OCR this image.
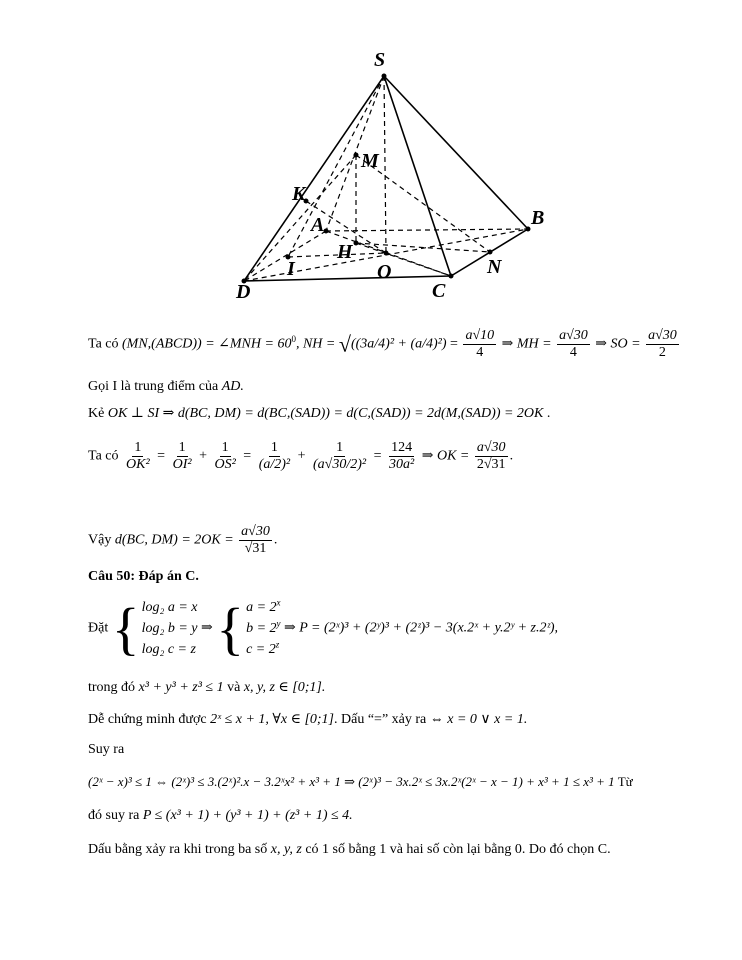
S
M
K
A	B
H
I	O	N
D	C
Ta có (MN,(ABCD)) = ∠MNH = $60^0$, NH = $√((3a/4)^2 + (a/4)^2) = \frac{a√10}{4}$ ⇒ MH = $\frac{a√30}{4}$ ⇒ SO = $\frac{a√30}{2}$
Gọi I là trung điểm của AD.
Kẻ OK ⊥ SI ⇒ d(BC, DM) = d(BC,(SAD)) = d(C,(SAD)) = 2d(M,(SAD)) = 2OK .
Ta có $\frac{1}{\text{OK²}} = \frac{1}{\text{OI²}} + \frac{1}{\text{OS²}} = \frac{1}{\text{(a/2)²}} + \frac{1}{\text{(a√30/2)²}} = \frac{124}{\text{30a²}}$ ⇒ OK = $\frac{a√30}{2√31}$ .
Vậy d(BC, $DM) = 2OK = \frac{a√30}{√31}$ .
Câu 50: Đáp án C.
Đặt { log₂ a = x
log₂ b = y
log₂ c = z
⇒ { $a = 2^x$
$b = 2^y$
$c = 2^z$
⇒ P = (2ˣ)³ + (2ʸ)³ + (2ᶻ)³ − 3(x.2ˣ + y.2ʸ + z.2ᶻ),
trong đó x³ + y³ + z³ ≤ 1 và x, y, z ∈ [0;1].
Dễ chứng minh được 2ˣ ≤ x + 1, ∀x ∈ [0;1]. Dấu “=” xảy ra ⇔ x = 0 ∨ x = 1.
Suy ra
(2ˣ − x)³ ≤ 1 ⇔ (2ˣ)³ ≤ 3.(2ˣ)².x − 3.2ˣx² + x³ + 1 ⇒ (2ˣ)³ − 3x.2ˣ ≤ 3x.2ˣ(2ˣ − x − 1) + x³ + 1 ≤ x³ + 1 Từ
đó suy ra P ≤ (x³ + 1) + (y³ + 1) + (z³ + 1) ≤ 4.
Dấu bằng xảy ra khi trong ba số x, y, z có 1 số bằng 1 và hai số còn lại bằng 0. Do đó chọn C.
